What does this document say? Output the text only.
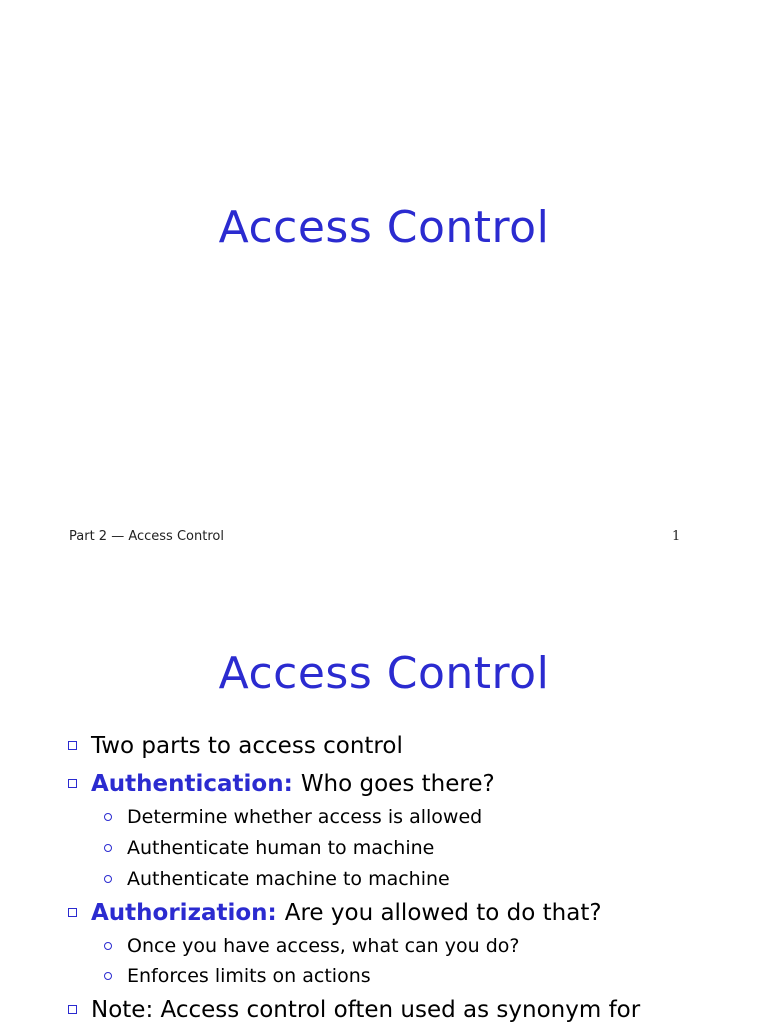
Access Control
Part 2 — Access Control	1
Access Control
Two parts to access control
Authentication: Who goes there?
Determine whether access is allowed
Authenticate human to machine
Authenticate machine to machine
Authorization: Are you allowed to do that?
Once you have access, what can you do?
Enforces limits on actions
Note: Access control often used as synonym for
